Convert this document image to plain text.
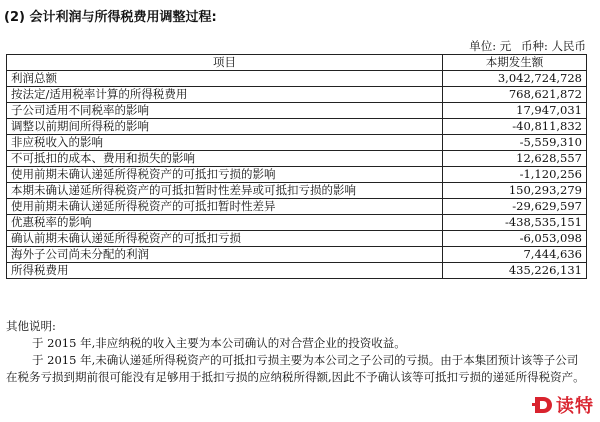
(2) 会计利润与所得税费用调整过程:
单位: 元 币种: 人民币
项目	本期发生额
利润总额	3,042,724,728
按法定/适用税率计算的所得税费用	768,621,872
子公司适用不同税率的影响	17,947,031
调整以前期间所得税的影响	-40,811,832
非应税收入的影响	-5,559,310
不可抵扣的成本、费用和损失的影响	12,628,557
使用前期未确认递延所得税资产的可抵扣亏损的影响	-1,120,256
本期未确认递延所得税资产的可抵扣暂时性差异或可抵扣亏损的影响	150,293,279
使用前期未确认递延所得税资产的可抵扣暂时性差异	-29,629,597
优惠税率的影响	-438,535,151
确认前期未确认递延所得税资产的可抵扣亏损	-6,053,098
海外子公司尚未分配的利润	7,444,636
所得税费用	435,226,131

其他说明:

于 2015 年,非应纳税的收入主要为本公司确认的对合营企业的投资收益。

于 2015 年,未确认递延所得税资产的可抵扣亏损主要为本公司之子公司的亏损。由于本集团预计该等子公司在税务亏损到期前很可能没有足够用于抵扣亏损的应纳税所得额,因此不予确认该等可抵扣亏损的递延所得税资产。

读特
